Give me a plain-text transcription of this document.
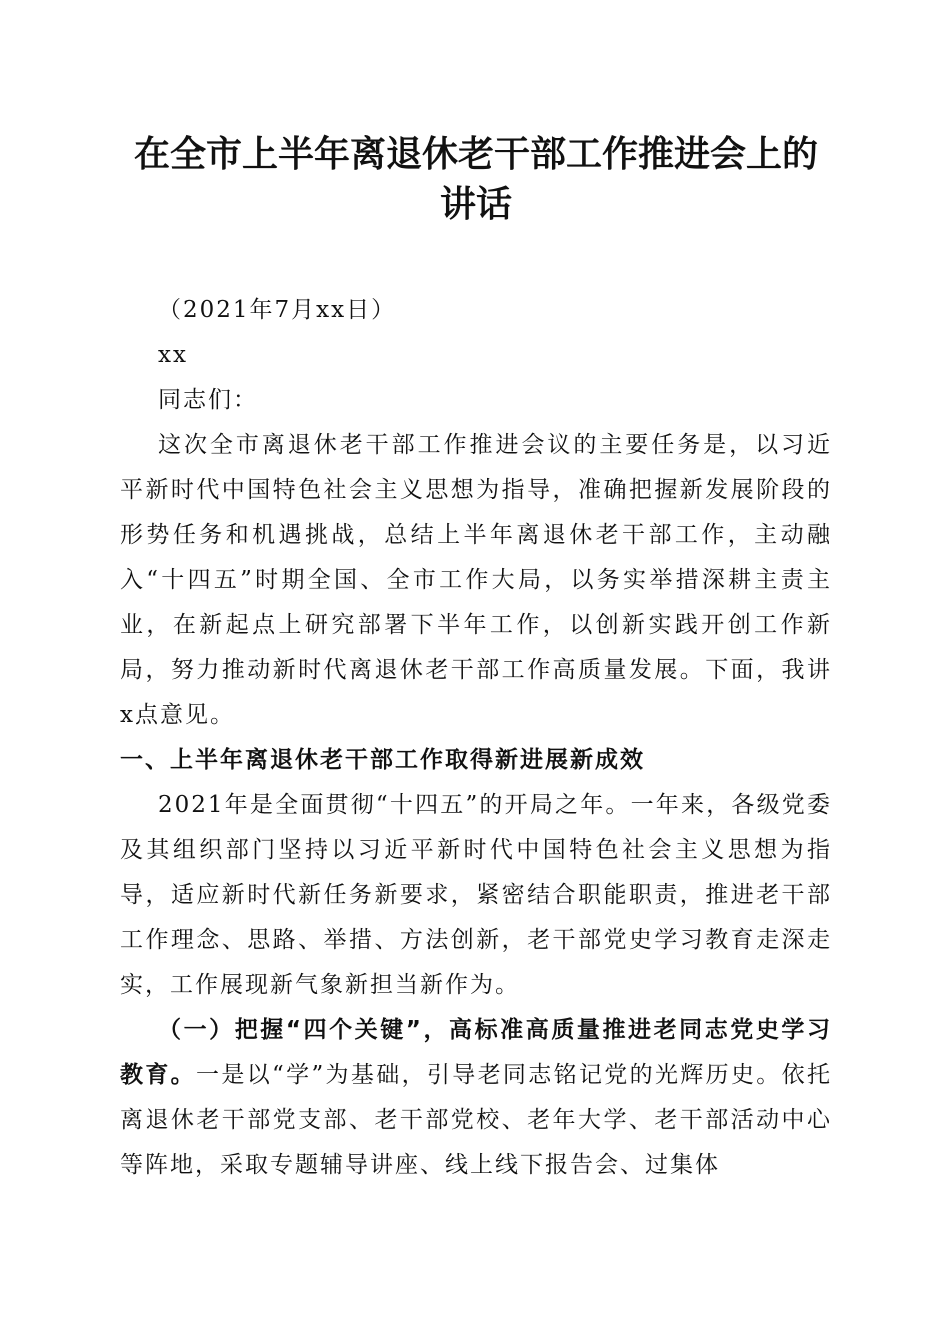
在全市上半年离退休老干部工作推进会上的讲话

（2021年7月xx日）

xx

同志们：

这次全市离退休老干部工作推进会议的主要任务是，以习近平新时代中国特色社会主义思想为指导，准确把握新发展阶段的形势任务和机遇挑战，总结上半年离退休老干部工作，主动融入“十四五”时期全国、全市工作大局，以务实举措深耕主责主业，在新起点上研究部署下半年工作，以创新实践开创工作新局，努力推动新时代离退休老干部工作高质量发展。下面，我讲x点意见。

一、上半年离退休老干部工作取得新进展新成效

2021年是全面贯彻“十四五”的开局之年。一年来，各级党委及其组织部门坚持以习近平新时代中国特色社会主义思想为指导，适应新时代新任务新要求，紧密结合职能职责，推进老干部工作理念、思路、举措、方法创新，老干部党史学习教育走深走实，工作展现新气象新担当新作为。

（一）把握“四个关键”，高标准高质量推进老同志党史学习教育。一是以“学”为基础，引导老同志铭记党的光辉历史。依托离退休老干部党支部、老干部党校、老年大学、老干部活动中心等阵地，采取专题辅导讲座、线上线下报告会、过集体
